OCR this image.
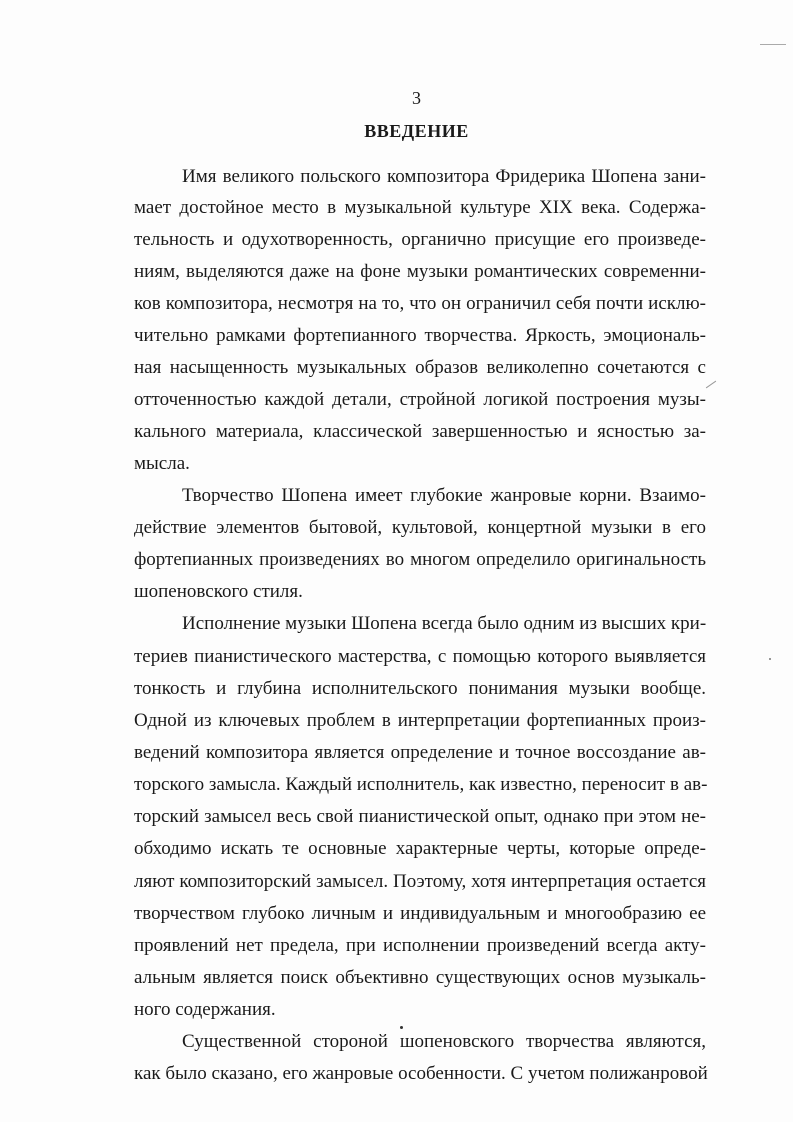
3
ВВЕДЕНИЕ
Имя великого польского композитора Фридерика Шопена зани-
мает достойное место в музыкальной культуре XIX века. Содержа-
тельность и одухотворенность, органично присущие его произведе-
ниям, выделяются даже на фоне музыки романтических современни-
ков композитора, несмотря на то, что он ограничил себя почти исклю-
чительно рамками фортепианного творчества. Яркость, эмоциональ-
ная насыщенность музыкальных образов великолепно сочетаются с
отточенностью каждой детали, стройной логикой построения музы-
кального материала, классической завершенностью и ясностью за-
мысла.
Творчество Шопена имеет глубокие жанровые корни. Взаимо-
действие элементов бытовой, культовой, концертной музыки в его
фортепианных произведениях во многом определило оригинальность
шопеновского стиля.
Исполнение музыки Шопена всегда было одним из высших кри-
териев пианистического мастерства, с помощью которого выявляется
тонкость и глубина исполнительского понимания музыки вообще.
Одной из ключевых проблем в интерпретации фортепианных произ-
ведений композитора является определение и точное воссоздание ав-
торского замысла. Каждый исполнитель, как известно, переносит в ав-
торский замысел весь свой пианистической опыт, однако при этом не-
обходимо искать те основные характерные черты, которые опреде-
ляют композиторский замысел. Поэтому, хотя интерпретация остается
творчеством глубоко личным и индивидуальным и многообразию ее
проявлений нет предела, при исполнении произведений всегда акту-
альным является поиск объективно существующих основ музыкаль-
ного содержания.
Существенной стороной шопеновского творчества являются,
как было сказано, его жанровые особенности. С учетом полижанровой
